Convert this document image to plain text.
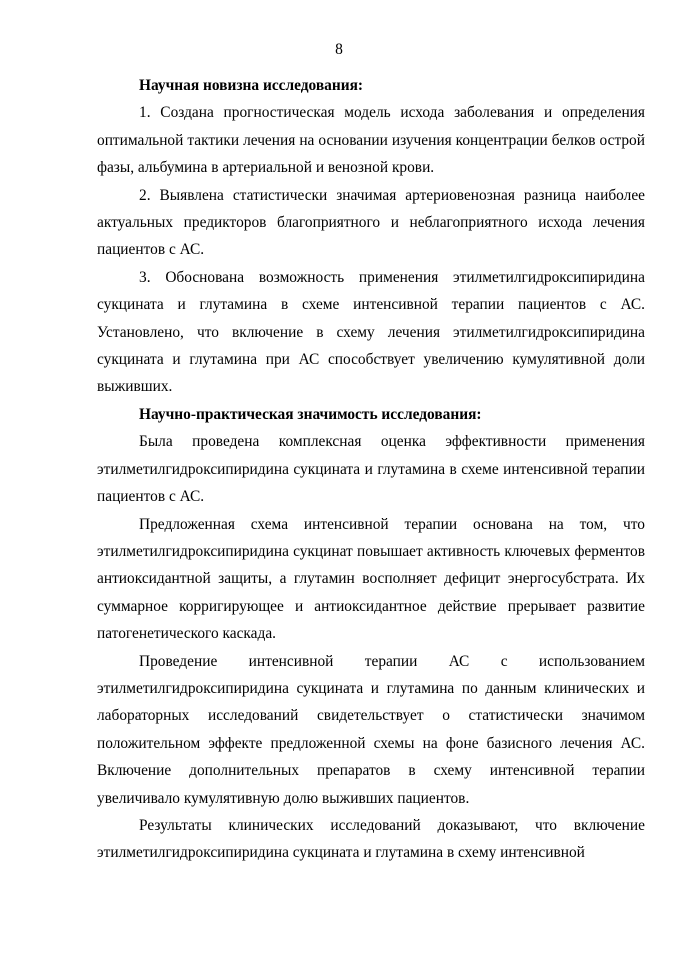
8

Научная новизна исследования:

1. Создана прогностическая модель исхода заболевания и определения оптимальной тактики лечения на основании изучения концентрации белков острой фазы, альбумина в артериальной и венозной крови.

2. Выявлена статистически значимая артериовенозная разница наиболее актуальных предикторов благоприятного и неблагоприятного исхода лечения пациентов с АС.

3. Обоснована возможность применения этилметилгидроксипиридина сукцината и глутамина в схеме интенсивной терапии пациентов с АС. Установлено, что включение в схему лечения этилметилгидроксипиридина сукцината и глутамина при АС способствует увеличению кумулятивной доли выживших.

Научно-практическая значимость исследования:

Была проведена комплексная оценка эффективности применения этилметилгидроксипиридина сукцината и глутамина в схеме интенсивной терапии пациентов с АС.

Предложенная схема интенсивной терапии основана на том, что этилметилгидроксипиридина сукцинат повышает активность ключевых ферментов антиоксидантной защиты, а глутамин восполняет дефицит энергосубстрата. Их суммарное корригирующее и антиоксидантное действие прерывает развитие патогенетического каскада.

Проведение интенсивной терапии АС с использованием этилметилгидроксипиридина сукцината и глутамина по данным клинических и лабораторных исследований свидетельствует о статистически значимом положительном эффекте предложенной схемы на фоне базисного лечения АС. Включение дополнительных препаратов в схему интенсивной терапии увеличивало кумулятивную долю выживших пациентов.

Результаты клинических исследований доказывают, что включение этилметилгидроксипиридина сукцината и глутамина в схему интенсивной
